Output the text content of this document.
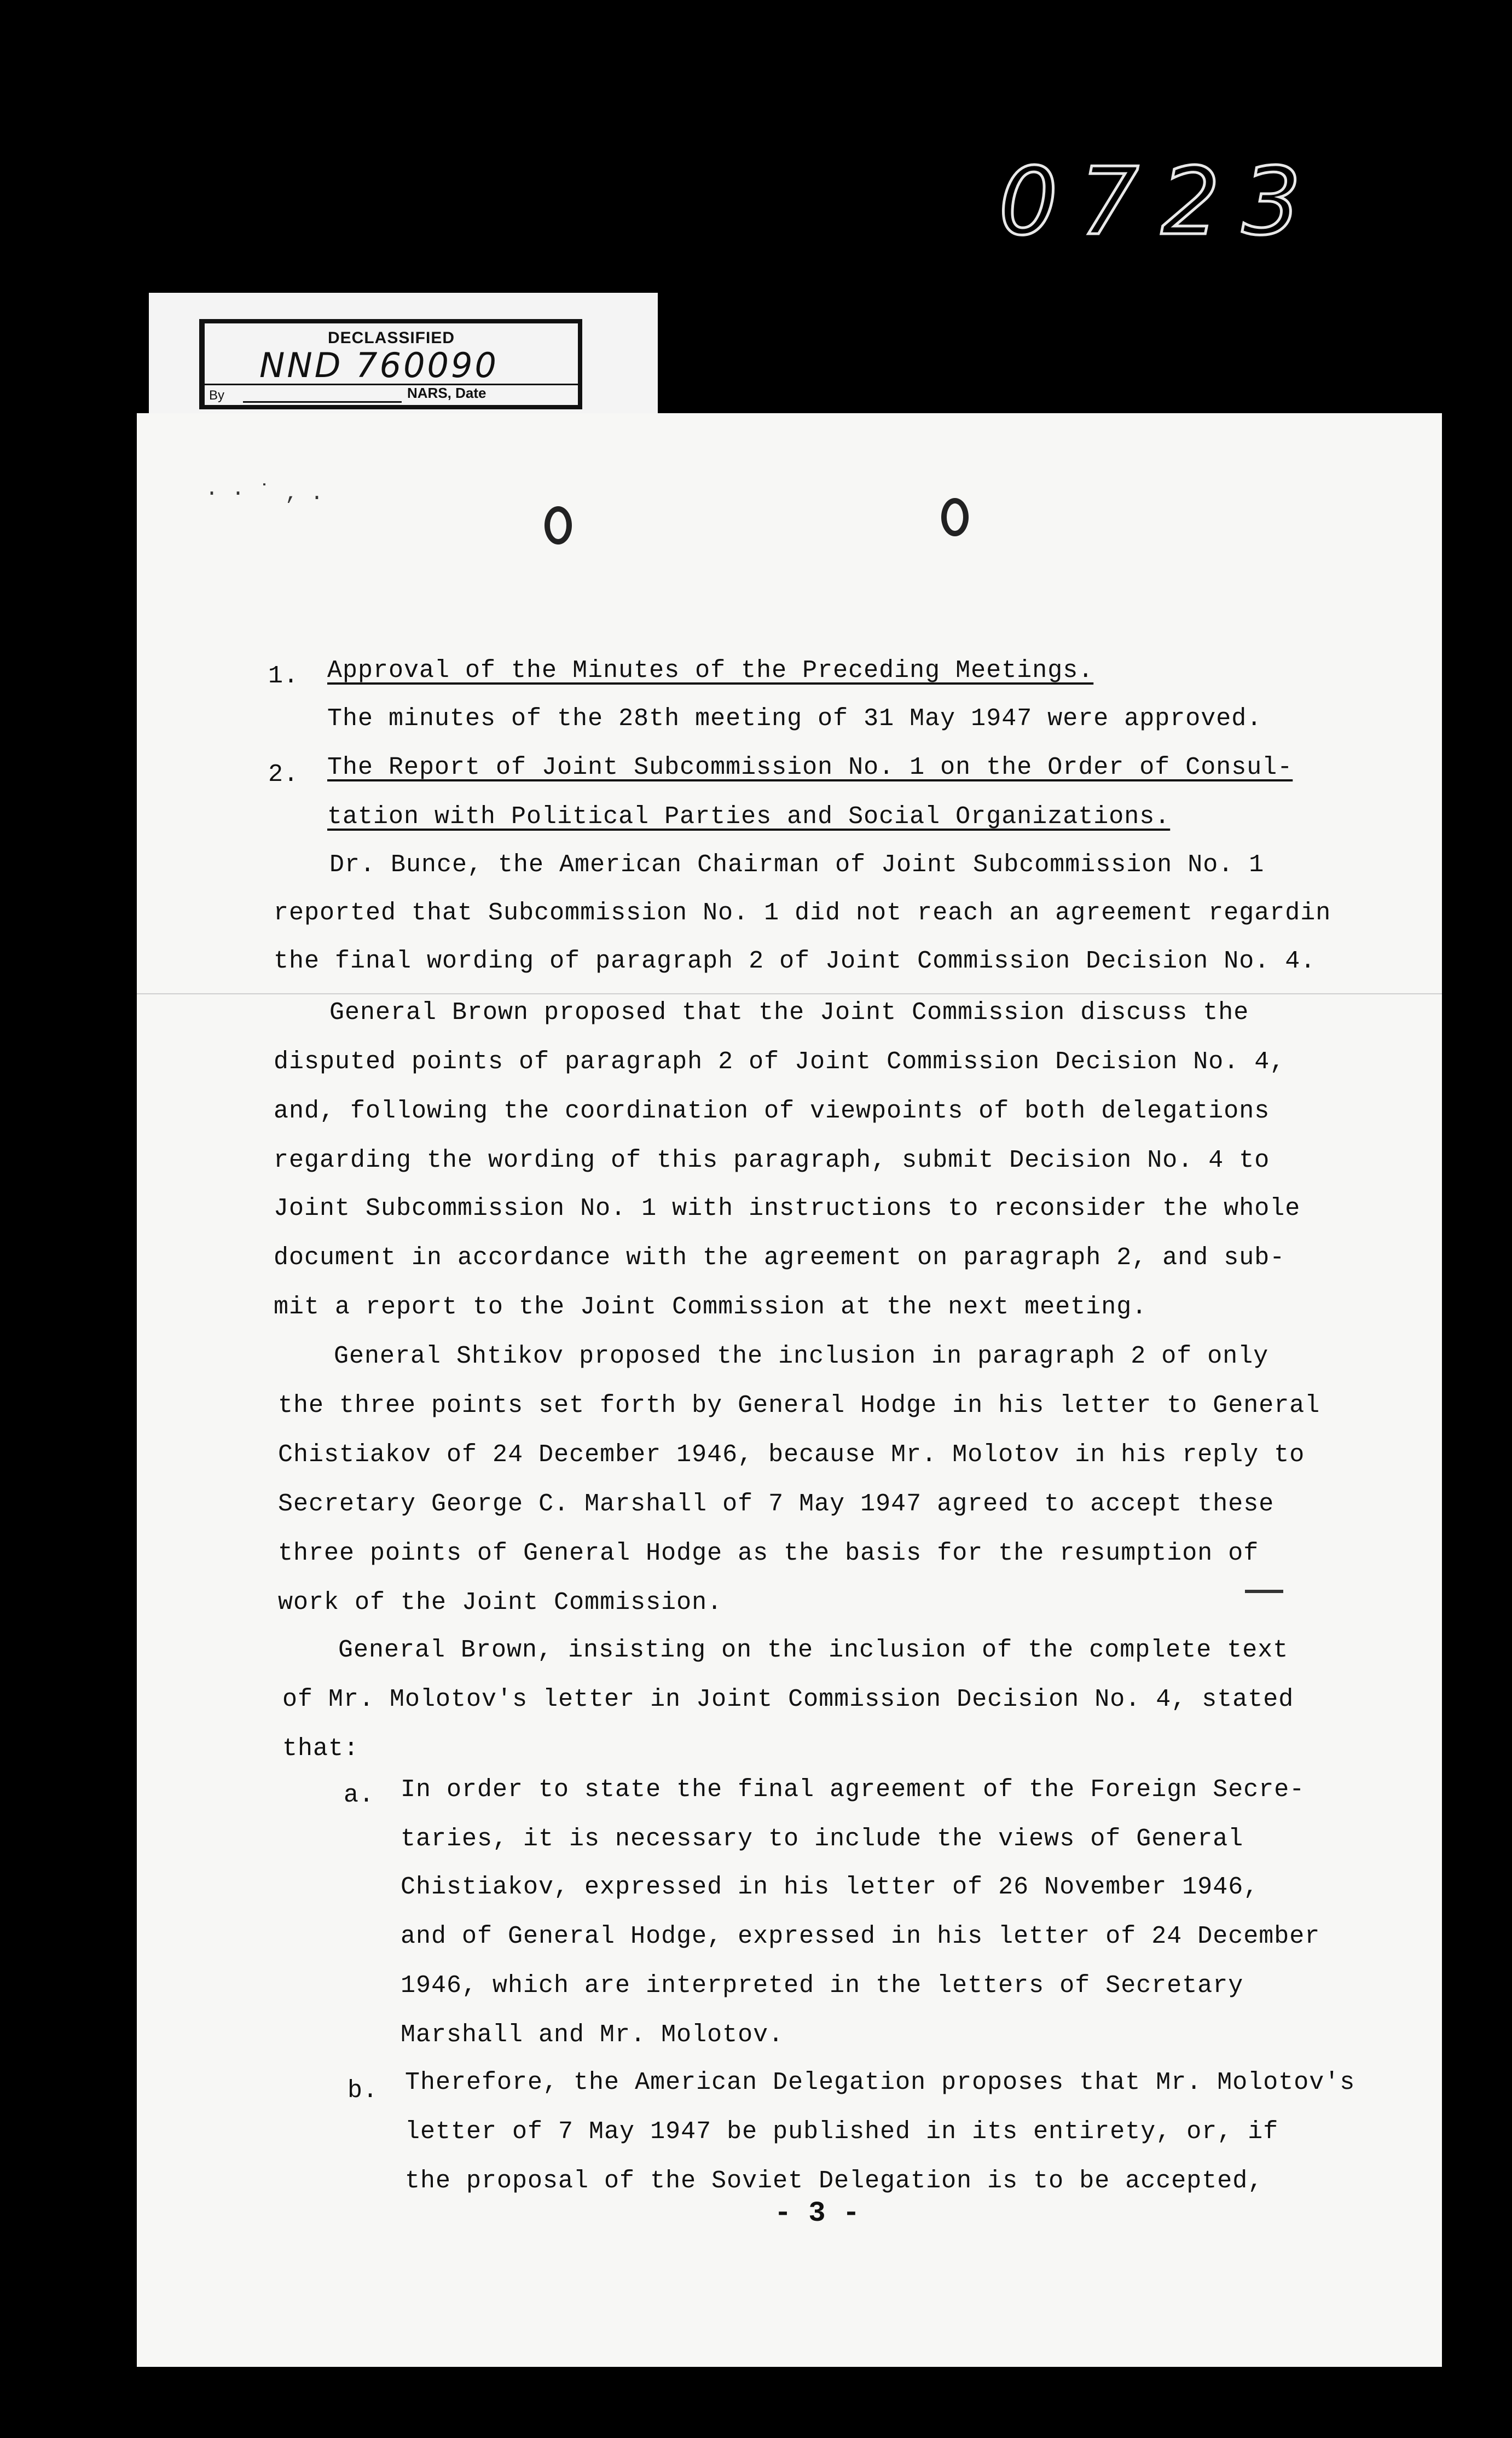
0723
DECLASSIFIED
NND 760090
By	NARS, Date
· · ˙ ‚ .
1. Approval of the Minutes of the Preceding Meetings.
The minutes of the 28th meeting of 31 May 1947 were approved.
2. The Report of Joint Subcommission No. 1 on the Order of Consul-
tation with Political Parties and Social Organizations.
Dr. Bunce, the American Chairman of Joint Subcommission No. 1
reported that Subcommission No. 1 did not reach an agreement regardin
the final wording of paragraph 2 of Joint Commission Decision No. 4.
General Brown proposed that the Joint Commission discuss the
disputed points of paragraph 2 of Joint Commission Decision No. 4,
and, following the coordination of viewpoints of both delegations
regarding the wording of this paragraph, submit Decision No. 4 to
Joint Subcommission No. 1 with instructions to reconsider the whole
document in accordance with the agreement on paragraph 2, and sub-
mit a report to the Joint Commission at the next meeting.
General Shtikov proposed the inclusion in paragraph 2 of only
the three points set forth by General Hodge in his letter to General
Chistiakov of 24 December 1946, because Mr. Molotov in his reply to
Secretary George C. Marshall of 7 May 1947 agreed to accept these
three points of General Hodge as the basis for the resumption of
work of the Joint Commission.
General Brown, insisting on the inclusion of the complete text
of Mr. Molotov's letter in Joint Commission Decision No. 4, stated
that:
a. In order to state the final agreement of the Foreign Secre-
taries, it is necessary to include the views of General
Chistiakov, expressed in his letter of 26 November 1946,
and of General Hodge, expressed in his letter of 24 December
1946, which are interpreted in the letters of Secretary
Marshall and Mr. Molotov.
b. Therefore, the American Delegation proposes that Mr. Molotov's
letter of 7 May 1947 be published in its entirety, or, if
the proposal of the Soviet Delegation is to be accepted,
- 3 -
